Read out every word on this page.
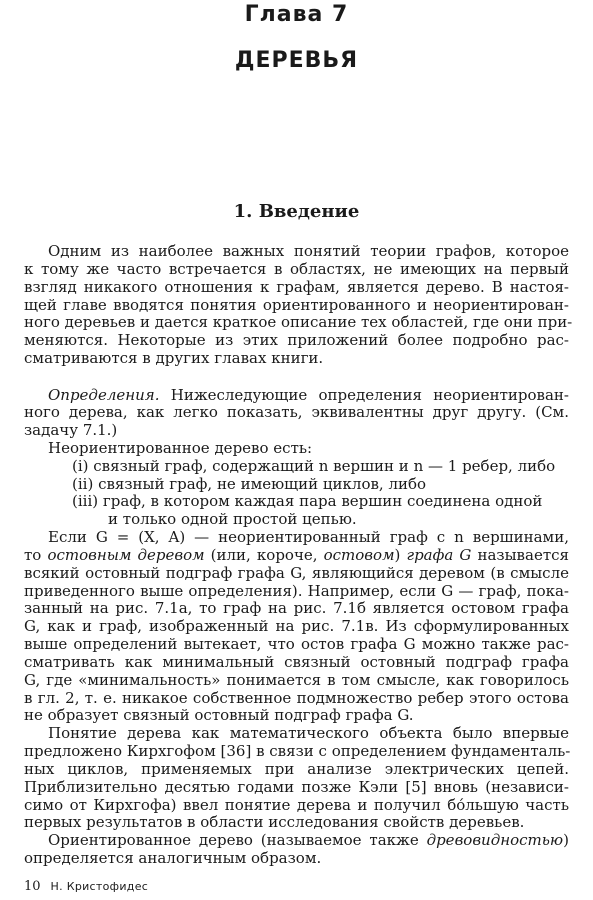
Глава 7
ДЕРЕВЬЯ
1. Введение
Одним из наиболее важных понятий теории графов, которое
к тому же часто встречается в областях, не имеющих на первый
взгляд никакого отношения к графам, является дерево. В настоя-
щей главе вводятся понятия ориентированного и неориентирован-
ного деревьев и дается краткое описание тех областей, где они при-
меняются. Некоторые из этих приложений более подробно рас-
сматриваются в других главах книги.
Определения. Нижеследующие определения неориентирован-
ного дерева, как легко показать, эквивалентны друг другу. (См.
задачу 7.1.)
Неориентированное дерево есть:
(i) связный граф, содержащий n вершин и n — 1 ребер, либо
(ii) связный граф, не имеющий циклов, либо
(iii) граф, в котором каждая пара вершин соединена одной
и только одной простой цепью.
Если G = (X, A) — неориентированный граф с n вершинами,
то остовным деревом (или, короче, остовом) графа G называется
всякий остовный подграф графа G, являющийся деревом (в смысле
приведенного выше определения). Например, если G — граф, пока-
занный на рис. 7.1а, то граф на рис. 7.1б является остовом графа
G, как и граф, изображенный на рис. 7.1в. Из сформулированных
выше определений вытекает, что остов графа G можно также рас-
сматривать как минимальный связный остовный подграф графа
G, где «минимальность» понимается в том смысле, как говорилось
в гл. 2, т. е. никакое собственное подмножество ребер этого остова
не образует связный остовный подграф графа G.
Понятие дерева как математического объекта было впервые
предложено Кирхгофом [36] в связи с определением фундаменталь-
ных циклов, применяемых при анализе электрических цепей.
Приблизительно десятью годами позже Кэли [5] вновь (независи-
симо от Кирхгофа) ввел понятие дерева и получил бо́льшую часть
первых результатов в области исследования свойств деревьев.
Ориентированное дерево (называемое также древовидностью)
определяется аналогичным образом.
10 Н. Кристофидес
